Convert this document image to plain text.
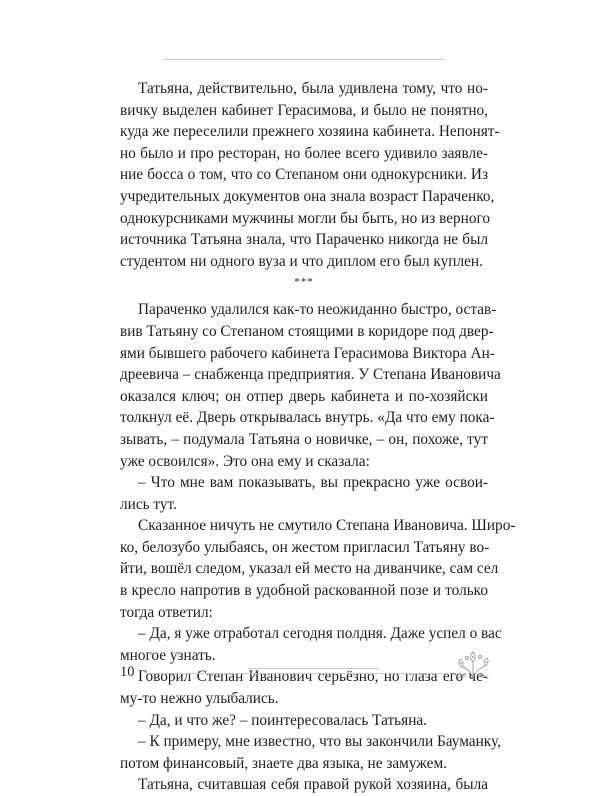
Татьяна, действительно, была удивлена тому, что но-
вичку выделен кабинет Герасимова, и было не понятно,
куда же переселили прежнего хозяина кабинета. Непонят-
но было и про ресторан, но более всего удивило заявле-
ние босса о том, что со Степаном они однокурсники. Из
учредительных документов она знала возраст Параченко,
однокурсниками мужчины могли бы быть, но из верного
источника Татьяна знала, что Параченко никогда не был
студентом ни одного вуза и что диплом его был куплен.
***
Параченко удалился как-то неожиданно быстро, остав-
вив Татьяну со Степаном стоящими в коридоре под двер-
ями бывшего рабочего кабинета Герасимова Виктора Ан-
дреевича – снабженца предприятия. У Степана Ивановича
оказался ключ; он отпер дверь кабинета и по-хозяйски
толкнул её. Дверь открывалась внутрь. «Да что ему пока-
зывать, – подумала Татьяна о новичке, – он, похоже, тут
уже освоился». Это она ему и сказала:
– Что мне вам показывать, вы прекрасно уже освои-
лись тут.
Сказанное ничуть не смутило Степана Ивановича. Широ-
ко, белозубо улыбаясь, он жестом пригласил Татьяну во-
йти, вошёл следом, указал ей место на диванчике, сам сел
в кресло напротив в удобной раскованной позе и только
тогда ответил:
– Да, я уже отработал сегодня полдня. Даже успел о вас
многое узнать.
Говорил Степан Иванович серьёзно, но глаза его че-
му-то нежно улыбались.
– Да, и что же? – поинтересовалась Татьяна.
– К примеру, мне известно, что вы закончили Бауманку,
потом финансовый, знаете два языка, не замужем.
Татьяна, считавшая себя правой рукой хозяина, была
10
